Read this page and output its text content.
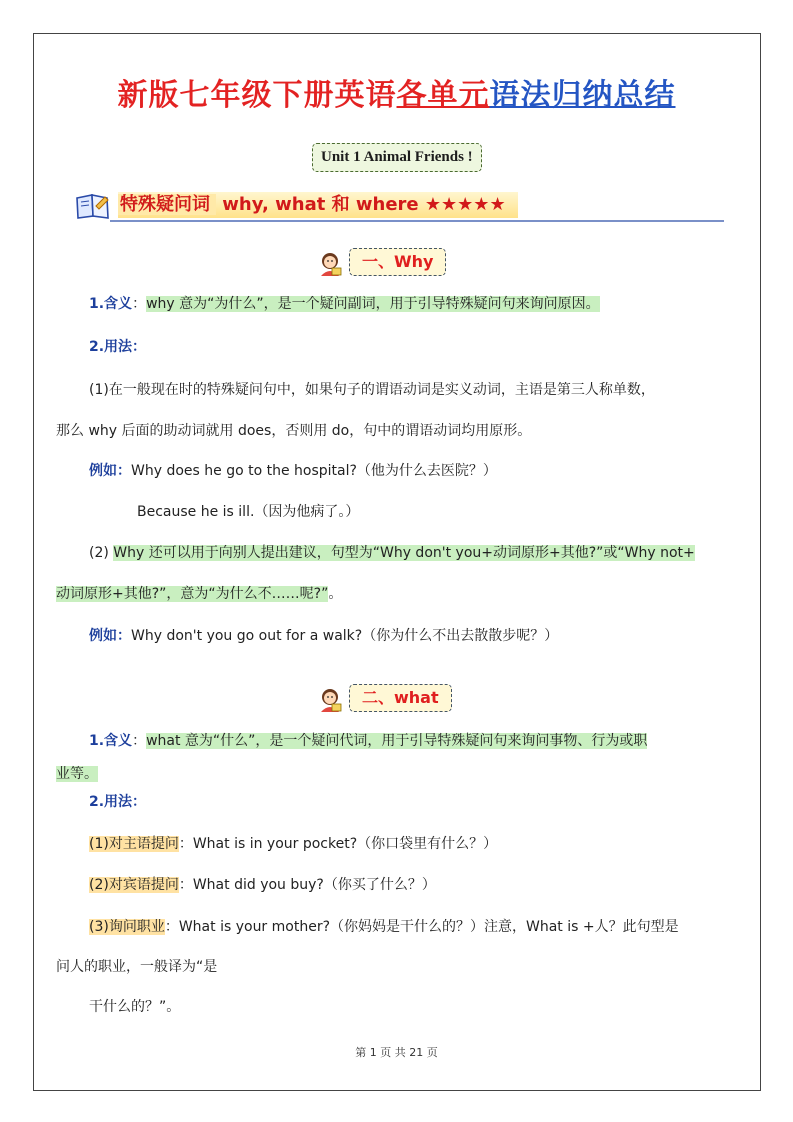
新版七年级下册英语各单元语法归纳总结
Unit 1 Animal Friends !
特殊疑问词 why, what 和 where ★★★★★
一、Why
1.含义：why 意为“为什么”，是一个疑问副词，用于引导特殊疑问句来询问原因。
2.用法：
(1)在一般现在时的特殊疑问句中，如果句子的谓语动词是实义动词，主语是第三人称单数，
那么 why 后面的助动词就用 does，否则用 do，句中的谓语动词均用原形。
例如：Why does he go to the hospital?（他为什么去医院？）
Because he is ill.（因为他病了。）
(2) Why 还可以用于向别人提出建议，句型为“Why don't you+动词原形+其他?”或“Why not+
动词原形+其他?”，意为“为什么不……呢?”。
例如：Why don't you go out for a walk?（你为什么不出去散散步呢？）
二、what
1.含义：what 意为“什么”，是一个疑问代词，用于引导特殊疑问句来询问事物、行为或职
业等。
2.用法：
(1)对主语提问：What is in your pocket?（你口袋里有什么？）
(2)对宾语提问：What did you buy?（你买了什么？）
(3)询问职业：What is your mother?（你妈妈是干什么的？）注意，What is +人？此句型是
问人的职业，一般译为“是
干什么的？”。
第 1 页 共 21 页
